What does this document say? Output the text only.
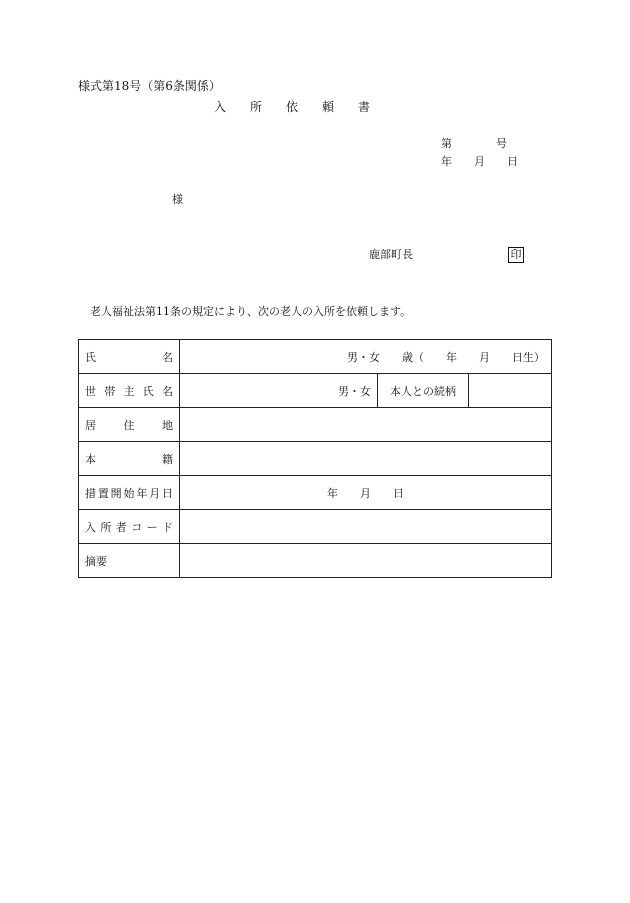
様式第18号（第6条関係）
入　　所　　依　　頼　　書
第　　　　号
年　　月　　日
様
鹿部町長	印
老人福祉法第11条の規定により、次の老人の入所を依頼します。
氏　　　　名	男・女　　歳（　　年　　月　　日生）		
世帯主氏名	男・女	本人との続柄	
居　住　地			
本　　　　籍			
措置開始年月日	年　　月　　日		
入所者コード			
摘要			
